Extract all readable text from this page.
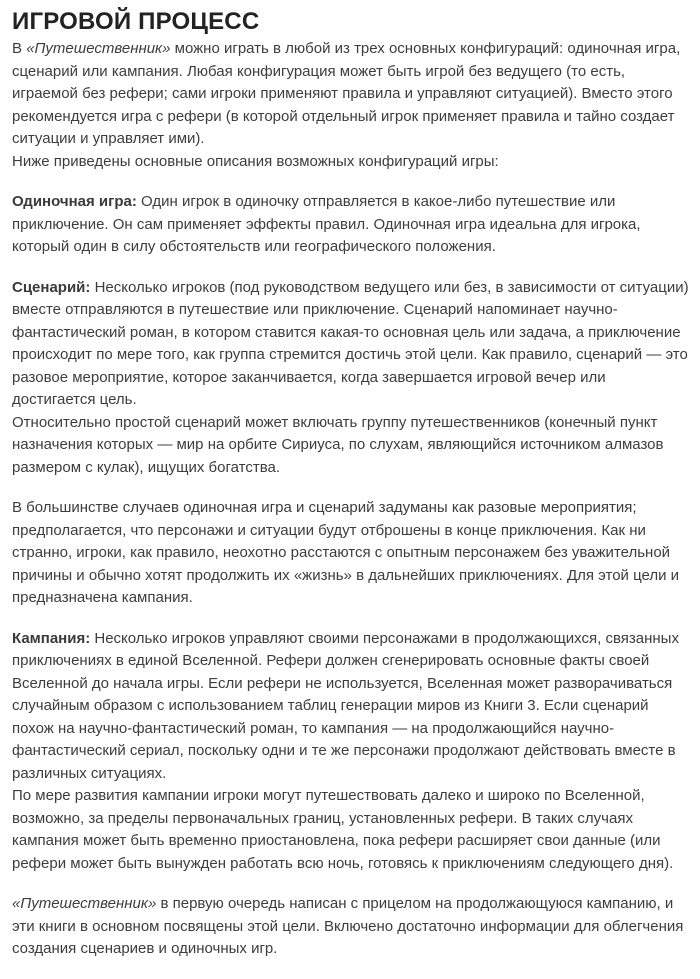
ИГРОВОЙ ПРОЦЕСС

В «Путешественник» можно играть в любой из трех основных конфигураций: одиночная игра, сценарий или кампания. Любая конфигурация может быть игрой без ведущего (то есть, играемой без рефери; сами игроки применяют правила и управляют ситуацией). Вместо этого рекомендуется игра с рефери (в которой отдельный игрок применяет правила и тайно создает ситуации и управляет ими).
Ниже приведены основные описания возможных конфигураций игры:

Одиночная игра: Один игрок в одиночку отправляется в какое-либо путешествие или приключение. Он сам применяет эффекты правил. Одиночная игра идеальна для игрока, который один в силу обстоятельств или географического положения.

Сценарий: Несколько игроков (под руководством ведущего или без, в зависимости от ситуации) вместе отправляются в путешествие или приключение. Сценарий напоминает научно-фантастический роман, в котором ставится какая-то основная цель или задача, а приключение происходит по мере того, как группа стремится достичь этой цели. Как правило, сценарий — это разовое мероприятие, которое заканчивается, когда завершается игровой вечер или достигается цель.
Относительно простой сценарий может включать группу путешественников (конечный пункт назначения которых — мир на орбите Сириуса, по слухам, являющийся источником алмазов размером с кулак), ищущих богатства.

В большинстве случаев одиночная игра и сценарий задуманы как разовые мероприятия; предполагается, что персонажи и ситуации будут отброшены в конце приключения. Как ни странно, игроки, как правило, неохотно расстаются с опытным персонажем без уважительной причины и обычно хотят продолжить их «жизнь» в дальнейших приключениях. Для этой цели и предназначена кампания.

Кампания: Несколько игроков управляют своими персонажами в продолжающихся, связанных приключениях в единой Вселенной. Рефери должен сгенерировать основные факты своей Вселенной до начала игры. Если рефери не используется, Вселенная может разворачиваться случайным образом с использованием таблиц генерации миров из Книги 3. Если сценарий похож на научно-фантастический роман, то кампания — на продолжающийся научно-фантастический сериал, поскольку одни и те же персонажи продолжают действовать вместе в различных ситуациях.
По мере развития кампании игроки могут путешествовать далеко и широко по Вселенной, возможно, за пределы первоначальных границ, установленных рефери. В таких случаях кампания может быть временно приостановлена, пока рефери расширяет свои данные (или рефери может быть вынужден работать всю ночь, готовясь к приключениям следующего дня).

«Путешественник» в первую очередь написан с прицелом на продолжающуюся кампанию, и эти книги в основном посвящены этой цели. Включено достаточно информации для облегчения создания сценариев и одиночных игр.
